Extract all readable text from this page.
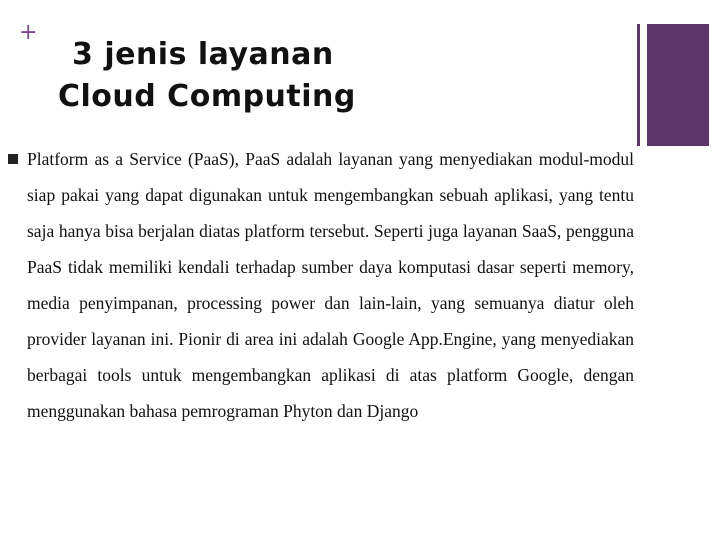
+
3 jenis layanan
Cloud Computing

Platform as a Service (PaaS), PaaS adalah layanan yang menyediakan modul-modul siap pakai yang dapat digunakan untuk mengembangkan sebuah aplikasi, yang tentu saja hanya bisa berjalan diatas platform tersebut. Seperti juga layanan SaaS, pengguna PaaS tidak memiliki kendali terhadap sumber daya komputasi dasar seperti memory, media penyimpanan, processing power dan lain-lain, yang semuanya diatur oleh provider layanan ini. Pionir di area ini adalah Google App.Engine, yang menyediakan berbagai tools untuk mengembangkan aplikasi di atas platform Google, dengan menggunakan bahasa pemrograman Phyton dan Django
